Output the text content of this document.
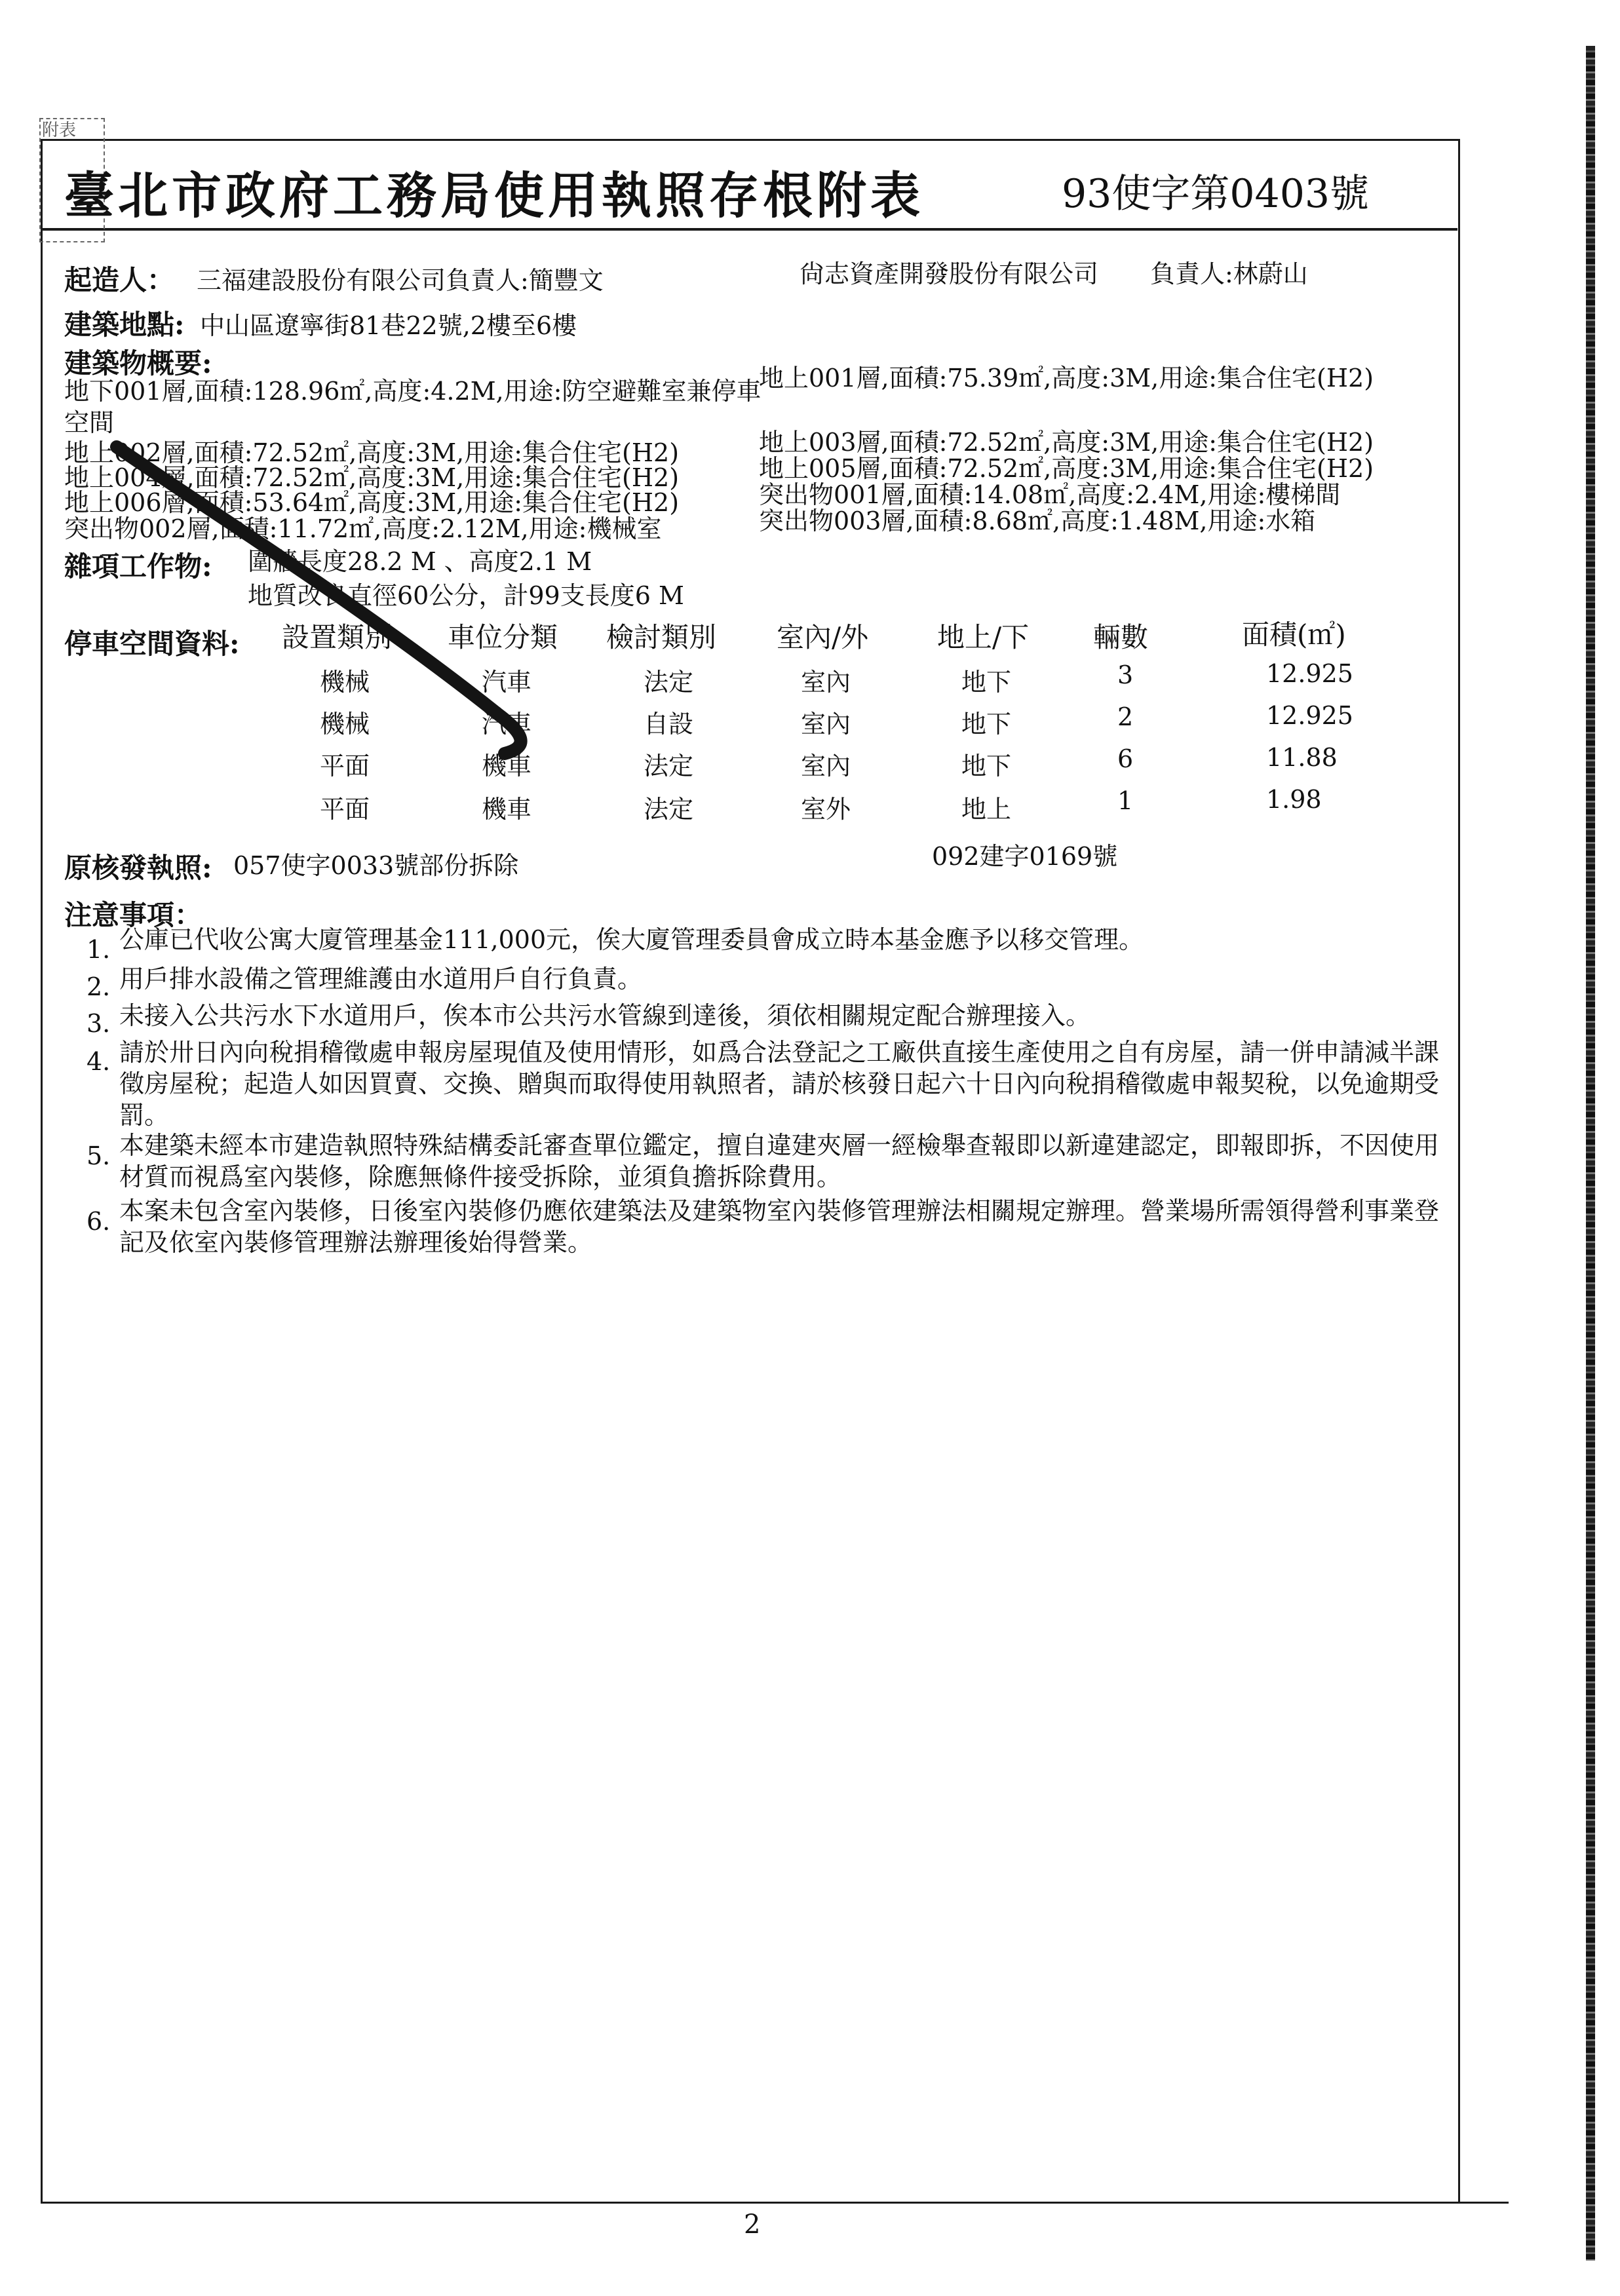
附表
臺北市政府工務局使用執照存根附表	93使字第0403號
起造人： 三福建設股份有限公司負責人:簡豐文	尙志資產開發股份有限公司 負責人:林蔚山
建築地點: 中山區遼寧街81巷22號,2樓至6樓
建築物概要:
地下001層,面積:128.96㎡,高度:4.2M,用途:防空避難室兼停車
地上001層,面積:75.39㎡,高度:3M,用途:集合住宅(H2)
空間
地上002層,面積:72.52㎡,高度:3M,用途:集合住宅(H2)	地上003層,面積:72.52㎡,高度:3M,用途:集合住宅(H2)
地上004層,面積:72.52㎡,高度:3M,用途:集合住宅(H2)	地上005層,面積:72.52㎡,高度:3M,用途:集合住宅(H2)
地上006層,面積:53.64㎡,高度:3M,用途:集合住宅(H2)	突出物001層,面積:14.08㎡,高度:2.4M,用途:樓梯間
突出物002層,面積:11.72㎡,高度:2.12M,用途:機械室	突出物003層,面積:8.68㎡,高度:1.48M,用途:水箱
雜項工作物: 圍牆長度28.2 M 、高度2.1 M
地質改良直徑60公分，計99支長度6 M
停車空間資料: 設置類別 車位分類 檢討類別 室內/外 地上/下 輛數	面積(㎡)
機械	汽車	法定	室內	地下	3	12.925
機械	汽車	自設	室內	地下	2	12.925
平面	機車	法定	室內	地下	6	11.88
平面	機車	法定	室外	地上	1	1.98
原核發執照: 057使字0033號部份拆除	092建字0169號
注意事項：
1. 公庫已代收公寓大廈管理基金111,000元，俟大廈管理委員會成立時本基金應予以移交管理。
2. 用戶排水設備之管理維護由水道用戶自行負責。
3. 未接入公共污水下水道用戶，俟本市公共污水管線到達後，須依相關規定配合辦理接入。
4. 請於卅日內向稅捐稽徵處申報房屋現值及使用情形，如爲合法登記之工廠供直接生產使用之自有房屋，請一併申請減半課徵房屋稅；起造人如因買賣、交換、贈與而取得使用執照者，請於核發日起六十日內向稅捐稽徵處申報契稅，以免逾期受罰。
5. 本建築未經本市建造執照特殊結構委託審查單位鑑定，擅自違建夾層一經檢舉查報即以新違建認定，即報即拆，不因使用材質而視爲室內裝修，除應無條件接受拆除，並須負擔拆除費用。
6. 本案未包含室內裝修，日後室內裝修仍應依建築法及建築物室內裝修管理辦法相關規定辦理。營業場所需領得營利事業登記及依室內裝修管理辦法辦理後始得營業。
2
